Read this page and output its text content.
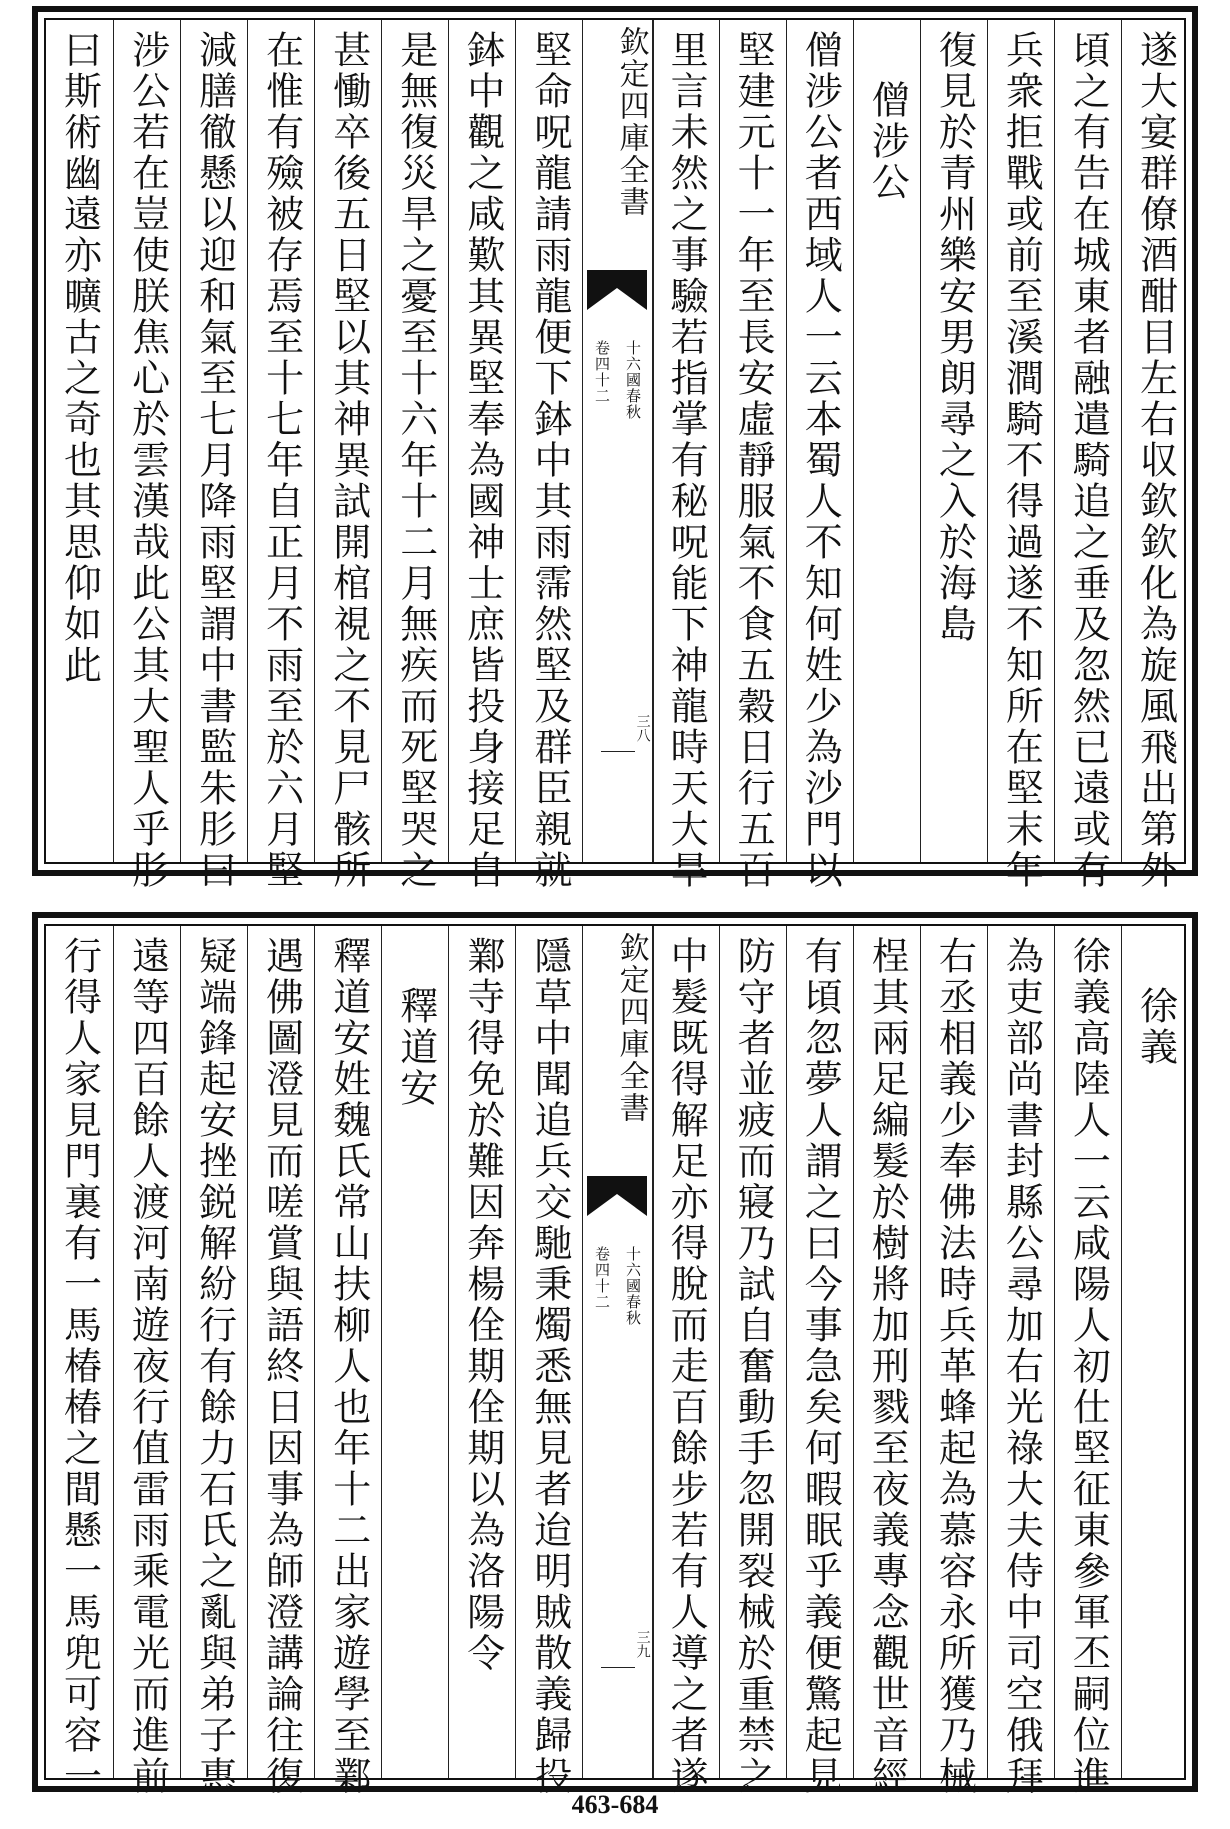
遂大宴群僚酒酣目左右収欽欽化為旋風飛出第外
頃之有告在城東者融遣騎追之垂及忽然已遠或有
兵衆拒戰或前至溪澗騎不得過遂不知所在堅末年
復見於青州樂安男朗尋之入於海島
僧涉公
僧涉公者西域人一云本蜀人不知何姓少為沙門以
堅建元十一年至長安虛靜服氣不食五穀日行五百
里言未然之事驗若指掌有秘呪能下神龍時天大旱
欽定四庫全書
十六國春秋
卷四十二
三八
堅命呪龍請雨龍便下鉢中其雨霈然堅及群臣親就
鉢中觀之咸歎其異堅奉為國神士庶皆投身接足自
是無復災旱之憂至十六年十二月無疾而死堅哭之
甚慟卒後五日堅以其神異試開棺視之不見尸骸所
在惟有殮被存焉至十七年自正月不雨至於六月堅
減膳徹懸以迎和氣至七月降雨堅謂中書監朱肜曰
涉公若在豈使朕焦心於雲漢哉此公其大聖人乎肜
曰斯術幽遠亦曠古之奇也其思仰如此
徐義
徐義高陸人一云咸陽人初仕堅征東參軍丕嗣位進
為吏部尚書封縣公尋加右光祿大夫侍中司空俄拜
右丞相義少奉佛法時兵革蜂起為慕容永所獲乃械
桯其兩足編髮於樹將加刑戮至夜義專念觀世音經
有頃忽夢人謂之曰今事急矣何暇眠乎義便驚起見
防守者並疲而寢乃試自奮動手忽開裂械於重禁之
中髮既得解足亦得脫而走百餘步若有人導之者遂
欽定四庫全書
十六國春秋
卷四十二
三九
隱草中聞追兵交馳秉燭悉無見者迨明賊散義歸投
鄴寺得免於難因奔楊佺期佺期以為洛陽令
釋道安
釋道安姓魏氏常山扶柳人也年十二出家遊學至鄴
遇佛圖澄見而嗟賞與語終日因事為師澄講論往復
疑端鋒起安挫鋭解紛行有餘力石氏之亂與弟子惠
遠等四百餘人渡河南遊夜行值雷雨乘電光而進前
行得人家見門裏有一馬椿椿之間懸一馬兜可容一
463-684
